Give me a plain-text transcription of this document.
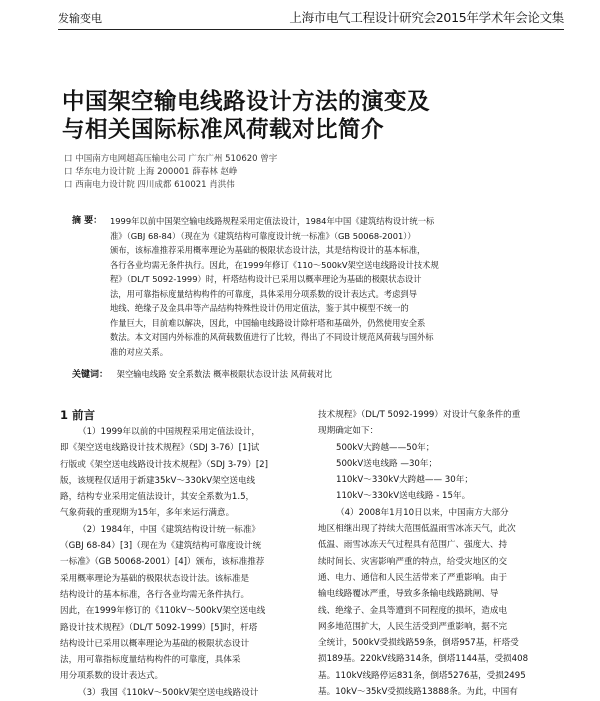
发输变电	上海市电气工程设计研究会2015年学术年会论文集
中国架空输电线路设计方法的演变及
与相关国际标准风荷载对比简介
口 中国南方电网超高压输电公司 广东广州 510620 曾宇
口 华东电力设计院 上海 200001 薛春林 赵峥
口 西南电力设计院 四川成都 610021 肖洪伟
摘 要： 1999年以前中国架空输电线路规程采用定值法设计，1984年中国《建筑结构设计统一标
准》（GBJ 68-84）（现在为《建筑结构可靠度设计统一标准》（GB 50068-2001））
颁布，该标准推荐采用概率理论为基础的极限状态设计法，其是结构设计的基本标准，
各行各业均需无条件执行。因此，在1999年修订《110～500kV架空送电线路设计技术规
程》（DL/T 5092-1999）时，杆塔结构设计已采用以概率理论为基础的极限状态设计
法，用可靠指标度量结构构件的可靠度，具体采用分项系数的设计表达式。考虑到导
地线、绝缘子及金具串等产品结构特殊性设计仍用定值法，鉴于其中模型不统一的
作量巨大，目前难以解决，因此，中国输电线路设计除杆塔和基础外，仍然使用安全系
数法。本文对国内外标准的风荷载数值进行了比较，得出了不同设计规范风荷载与国外标
准的对应关系。
关键词： 架空输电线路 安全系数法 概率极限状态设计法 风荷载对比

1 前言

（1）1999年以前的中国规程采用定值法设计，
即《架空送电线路设计技术规程》（SDJ 3-76）[1]试
行版或《架空送电线路设计技术规程》（SDJ 3-79）[2]
版，该规程仅适用于新建35kV～330kV架空送电线
路，结构专业采用定值法设计，其安全系数为1.5，
气象荷载的重现期为15年，多年来运行满意。
（2）1984年，中国《建筑结构设计统一标准》
（GBJ 68-84）[3]（现在为《建筑结构可靠度设计统
一标准》（GB 50068-2001）[4]）颁布，该标准推荐
采用概率理论为基础的极限状态设计法。该标准是
结构设计的基本标准，各行各业均需无条件执行。
因此，在1999年修订的《110kV～500kV架空送电线
路设计技术规程》（DL/T 5092-1999）[5]时，杆塔
结构设计已采用以概率理论为基础的极限状态设计
法，用可靠指标度量结构构件的可靠度，具体采
用分项系数的设计表达式。
（3）我国《110kV～500kV架空送电线路设计

技术规程》（DL/T 5092-1999）对设计气象条件的重
现期确定如下：
500kV大跨越——50年；
500kV送电线路 —30年；
110kV～330kV大跨越—— 30年；
110kV～330kV送电线路 - 15年。
（4）2008年1月10日以来，中国南方大部分
地区相继出现了持续大范围低温雨雪冰冻天气，此次
低温、雨雪冰冻天气过程具有范围广、强度大、持
续时间长、灾害影响严重的特点，给受灾地区的交
通、电力、通信和人民生活带来了严重影响。由于
输电线路覆冰严重，导致多条输电线路跳闸、导
线、绝缘子、金具等遭到不同程度的损坏，造成电
网多地范围扩大，人民生活受到严重影响，据不完
全统计，500kV受损线路59条，倒塔957基，杆塔受
损189基。220kV线路314条，倒塔1144基，受损408
基。110kV线路停运831条，倒塔5276基，受损2495
基。10kV～35kV受损线路13888条。为此，中国有
